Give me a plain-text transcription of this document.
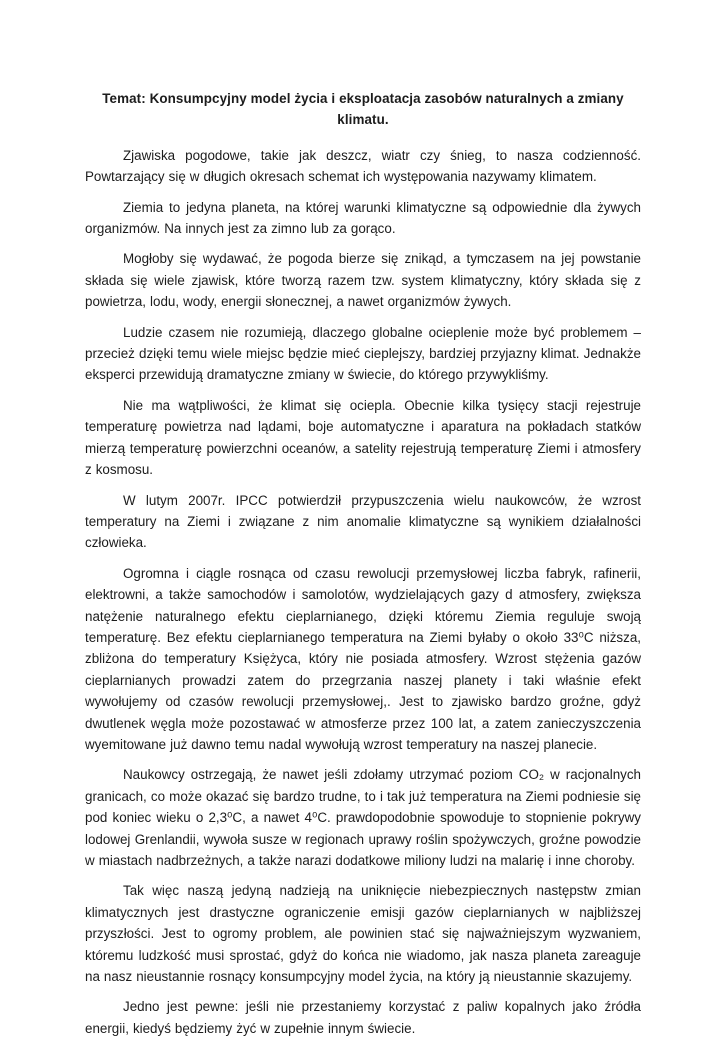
Temat: Konsumpcyjny model życia i eksploatacja zasobów naturalnych a zmiany klimatu.

Zjawiska pogodowe, takie jak deszcz, wiatr czy śnieg, to nasza codzienność. Powtarzający się w długich okresach schemat ich występowania nazywamy klimatem.

Ziemia to jedyna planeta, na której warunki klimatyczne są odpowiednie dla żywych organizmów. Na innych jest za zimno lub za gorąco.

Mogłoby się wydawać, że pogoda bierze się znikąd, a tymczasem na jej powstanie składa się wiele zjawisk, które tworzą razem tzw. system klimatyczny, który składa się z powietrza, lodu, wody, energii słonecznej, a nawet organizmów żywych.

Ludzie czasem nie rozumieją, dlaczego globalne ocieplenie może być problemem – przecież dzięki temu wiele miejsc będzie mieć cieplejszy, bardziej przyjazny klimat. Jednakże eksperci przewidują dramatyczne zmiany w świecie, do którego przywykliśmy.

Nie ma wątpliwości, że klimat się ociepla. Obecnie kilka tysięcy stacji rejestruje temperaturę powietrza nad lądami, boje automatyczne i aparatura na pokładach statków mierzą temperaturę powierzchni oceanów, a satelity rejestrują temperaturę Ziemi i atmosfery z kosmosu.

W lutym 2007r. IPCC potwierdził przypuszczenia wielu naukowców, że wzrost temperatury na Ziemi i związane z nim anomalie klimatyczne są wynikiem działalności człowieka.

Ogromna i ciągle rosnąca od czasu rewolucji przemysłowej liczba fabryk, rafinerii, elektrowni, a także samochodów i samolotów, wydzielających gazy d atmosfery, zwiększa natężenie naturalnego efektu cieplarnianego, dzięki któremu Ziemia reguluje swoją temperaturę. Bez efektu cieplarnianego temperatura na Ziemi byłaby o około 33⁰C niższa, zbliżona do temperatury Księżyca, który nie posiada atmosfery. Wzrost stężenia gazów cieplarnianych prowadzi zatem do przegrzania naszej planety i taki właśnie efekt wywołujemy od czasów rewolucji przemysłowej,. Jest to zjawisko bardzo groźne, gdyż dwutlenek węgla może pozostawać w atmosferze przez 100 lat, a zatem zanieczyszczenia wyemitowane już dawno temu nadal wywołują wzrost temperatury na naszej planecie.

Naukowcy ostrzegają, że nawet jeśli zdołamy utrzymać poziom CO₂ w racjonalnych granicach, co może okazać się bardzo trudne, to i tak już temperatura na Ziemi podniesie się pod koniec wieku o 2,3⁰C, a nawet 4⁰C. prawdopodobnie spowoduje to stopnienie pokrywy lodowej Grenlandii, wywoła susze w regionach uprawy roślin spożywczych, groźne powodzie w miastach nadbrzeżnych, a także narazi dodatkowe miliony ludzi na malarię i inne choroby.

Tak więc naszą jedyną nadzieją na uniknięcie niebezpiecznych następstw zmian klimatycznych jest drastyczne ograniczenie emisji gazów cieplarnianych w najbliższej przyszłości. Jest to ogromy problem, ale powinien stać się najważniejszym wyzwaniem, któremu ludzkość musi sprostać, gdyż do końca nie wiadomo, jak nasza planeta zareaguje na nasz nieustannie rosnący konsumpcyjny model życia, na który ją nieustannie skazujemy.

Jedno jest pewne: jeśli nie przestaniemy korzystać z paliw kopalnych jako źródła energii, kiedyś będziemy żyć w zupełnie innym świecie.
